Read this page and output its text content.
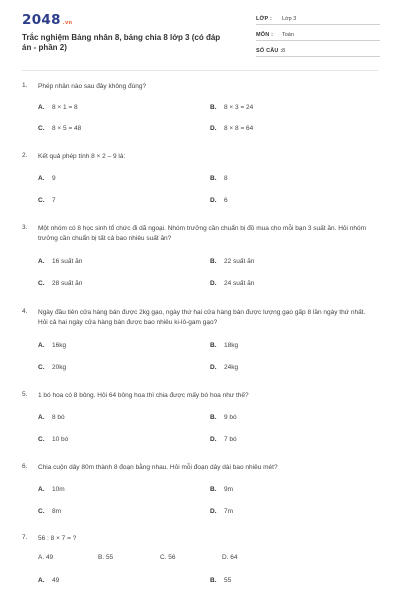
2048 .vn
Trắc nghiệm Bảng nhân 8, bảng chia 8 lớp 3 (có đáp án - phần 2)
LỚP : Lớp 3
MÔN : Toán
SỐ CÂU : 8
1. Phép nhân nào sau đây không đúng?
A. 8 × 1 = 8	B. 8 × 3 = 24
C. 8 × 5 = 48	D. 8 × 8 = 64
2. Kết quả phép tính 8 × 2 – 9 là:
A. 9	B. 8
C. 7	D. 6
3. Một nhóm có 8 học sinh tổ chức đi dã ngoại. Nhóm trưởng cần chuẩn bị đồ mua cho mỗi bạn 3 suất ăn. Hỏi nhóm trưởng cần chuẩn bị tất cả bao nhiêu suất ăn?
A. 16 suất ăn	B. 22 suất ăn
C. 28 suất ăn	D. 24 suất ăn
4. Ngày đầu tiên cửa hàng bán được 2kg gạo, ngày thứ hai cửa hàng bán được lượng gạo gấp 8 lần ngày thứ nhất. Hỏi cả hai ngày cửa hàng bán được bao nhiêu ki-lô-gam gạo?
A. 16kg	B. 18kg
C. 20kg	D. 24kg
5. 1 bó hoa có 8 bông. Hỏi 64 bông hoa thì chia được mấy bó hoa như thế?
A. 8 bó	B. 9 bó
C. 10 bó	D. 7 bó
6. Chia cuộn dây 80m thành 8 đoạn bằng nhau. Hỏi mỗi đoạn dây dài bao nhiêu mét?
A. 10m	B. 9m
C. 8m	D. 7m
7. 56 : 8 × 7 = ?
A. 49	B. 55	C. 56	D. 64
A. 49	B. 55
